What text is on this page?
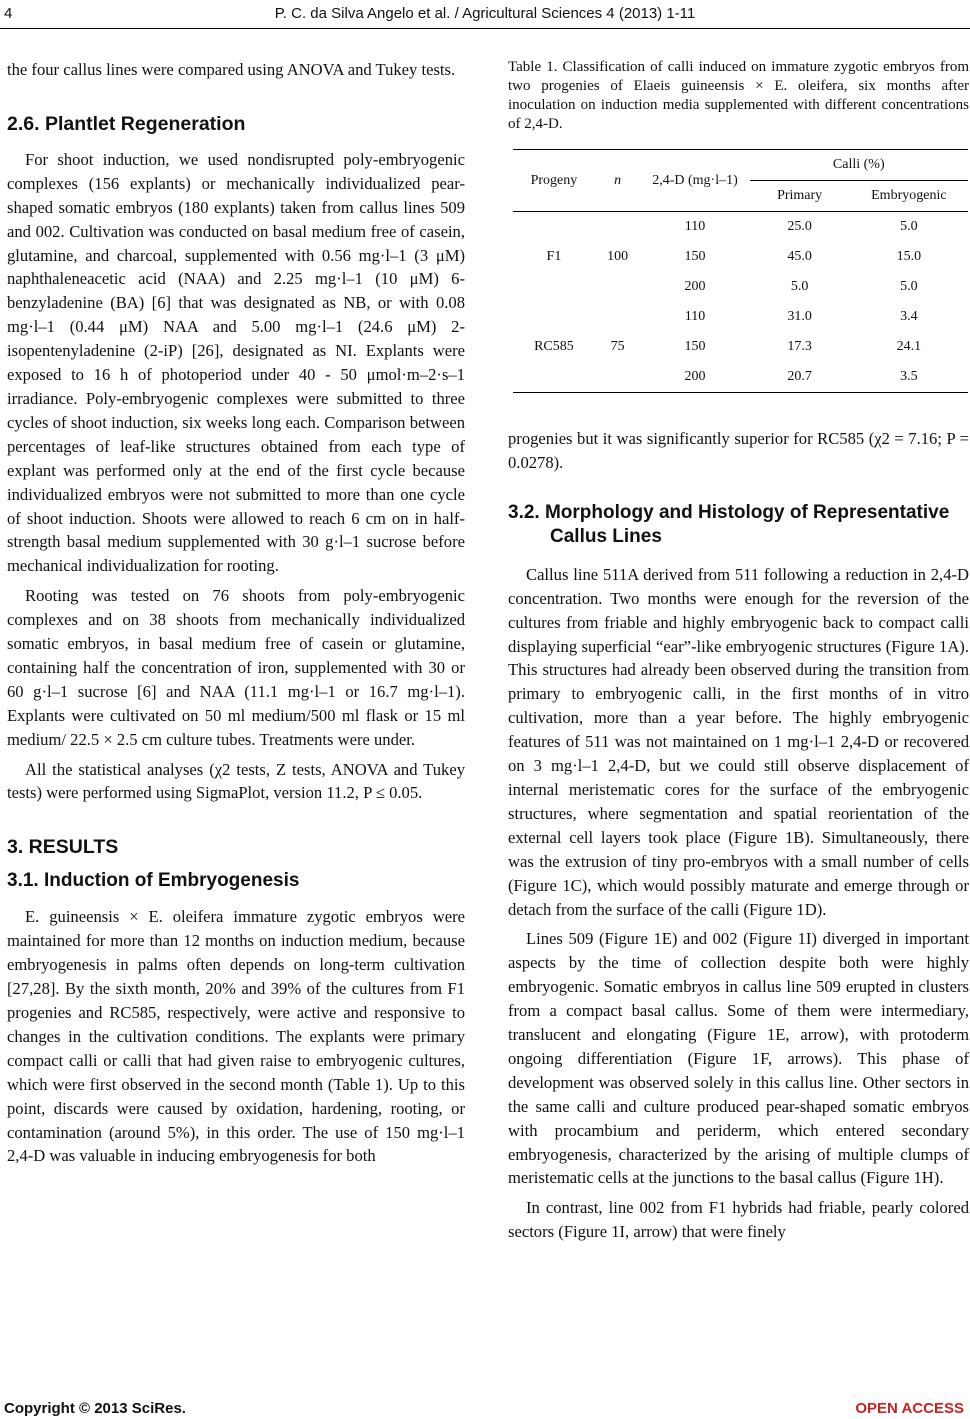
4	P. C. da Silva Angelo et al. / Agricultural Sciences 4 (2013) 1-11

the four callus lines were compared using ANOVA and Tukey tests.

2.6. Plantlet Regeneration

For shoot induction, we used nondisrupted poly-embryogenic complexes (156 explants) or mechanically individualized pear-shaped somatic embryos (180 explants) taken from callus lines 509 and 002. Cultivation was conducted on basal medium free of casein, glutamine, and charcoal, supplemented with 0.56 mg·l–1 (3 μM) naphthaleneacetic acid (NAA) and 2.25 mg·l–1 (10 μM) 6-benzyladenine (BA) [6] that was designated as NB, or with 0.08 mg·l–1 (0.44 μM) NAA and 5.00 mg·l–1 (24.6 μM) 2-isopentenyladenine (2-iP) [26], designated as NI. Explants were exposed to 16 h of photoperiod under 40 - 50 μmol·m–2·s–1 irradiance. Poly-embryogenic complexes were submitted to three cycles of shoot induction, six weeks long each. Comparison between percentages of leaf-like structures obtained from each type of explant was performed only at the end of the first cycle because individualized embryos were not submitted to more than one cycle of shoot induction. Shoots were allowed to reach 6 cm on in half-strength basal medium supplemented with 30 g·l–1 sucrose before mechanical individualization for rooting.

Rooting was tested on 76 shoots from poly-embryogenic complexes and on 38 shoots from mechanically individualized somatic embryos, in basal medium free of casein or glutamine, containing half the concentration of iron, supplemented with 30 or 60 g·l–1 sucrose [6] and NAA (11.1 mg·l–1 or 16.7 mg·l–1). Explants were cultivated on 50 ml medium/500 ml flask or 15 ml medium/ 22.5 × 2.5 cm culture tubes. Treatments were under.

All the statistical analyses (χ2 tests, Z tests, ANOVA and Tukey tests) were performed using SigmaPlot, version 11.2, P ≤ 0.05.

3. RESULTS
3.1. Induction of Embryogenesis

E. guineensis × E. oleifera immature zygotic embryos were maintained for more than 12 months on induction medium, because embryogenesis in palms often depends on long-term cultivation [27,28]. By the sixth month, 20% and 39% of the cultures from F1 progenies and RC585, respectively, were active and responsive to changes in the cultivation conditions. The explants were primary compact calli or calli that had given raise to embryogenic cultures, which were first observed in the second month (Table 1). Up to this point, discards were caused by oxidation, hardening, rooting, or contamination (around 5%), in this order. The use of 150 mg·l–1 2,4-D was valuable in inducing embryogenesis for both

Table 1. Classification of calli induced on immature zygotic embryos from two progenies of Elaeis guineensis × E. oleifera, six months after inoculation on induction media supplemented with different concentrations of 2,4-D.

Progeny	n	2,4-D (mg·l–1)	Calli (%)	
			Primary	Embryogenic
F1	100	110	25.0	5.0
		150	45.0	15.0
		200	5.0	5.0
RC585	75	110	31.0	3.4
		150	17.3	24.1
		200	20.7	3.5

progenies but it was significantly superior for RC585 (χ2 = 7.16; P = 0.0278).

3.2. Morphology and Histology of Representative Callus Lines

Callus line 511A derived from 511 following a reduction in 2,4-D concentration. Two months were enough for the reversion of the cultures from friable and highly embryogenic back to compact calli displaying superficial “ear”-like embryogenic structures (Figure 1A). This structures had already been observed during the transition from primary to embryogenic calli, in the first months of in vitro cultivation, more than a year before. The highly embryogenic features of 511 was not maintained on 1 mg·l–1 2,4-D or recovered on 3 mg·l–1 2,4-D, but we could still observe displacement of internal meristematic cores for the surface of the embryogenic structures, where segmentation and spatial reorientation of the external cell layers took place (Figure 1B). Simultaneously, there was the extrusion of tiny pro-embryos with a small number of cells (Figure 1C), which would possibly maturate and emerge through or detach from the surface of the calli (Figure 1D).

Lines 509 (Figure 1E) and 002 (Figure 1I) diverged in important aspects by the time of collection despite both were highly embryogenic. Somatic embryos in callus line 509 erupted in clusters from a compact basal callus. Some of them were intermediary, translucent and elongating (Figure 1E, arrow), with protoderm ongoing differentiation (Figure 1F, arrows). This phase of development was observed solely in this callus line. Other sectors in the same calli and culture produced pear-shaped somatic embryos with procambium and periderm, which entered secondary embryogenesis, characterized by the arising of multiple clumps of meristematic cells at the junctions to the basal callus (Figure 1H).

In contrast, line 002 from F1 hybrids had friable, pearly colored sectors (Figure 1I, arrow) that were finely

Copyright © 2013 SciRes.	OPEN ACCESS
